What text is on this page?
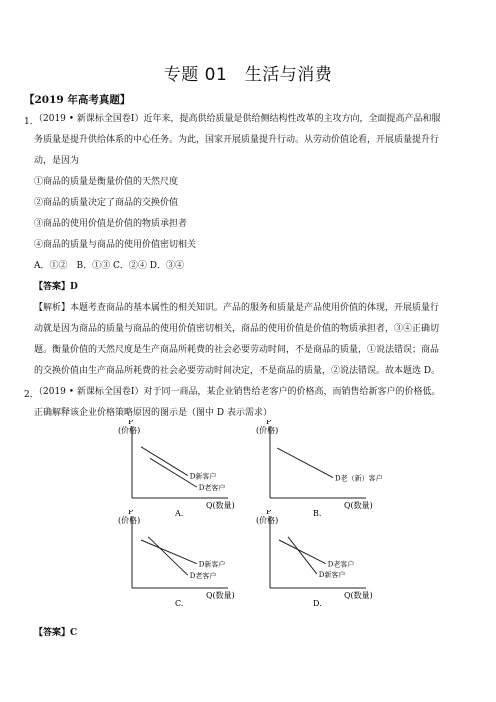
专题 01　生活与消费
【2019 年高考真题】
1．
（2019 • 新课标全国卷Ⅰ）近年来，提高供给质量是供给侧结构性改革的主攻方向，全面提高产品和服
务质量是提升供给体系的中心任务。为此，国家开展质量提升行动。从劳动价值论看，开展质量提升行
动，是因为
①商品的质量是衡量价值的天然尺度
②商品的质量决定了商品的交换价值
③商品的使用价值是价值的物质承担者
④商品的质量与商品的使用价值密切相关
A．①②　B．①③ C．②④ D．③④
【答案】D
【解析】本题考查商品的基本属性的相关知识。产品的服务和质量是产品使用价值的体现，开展质量行
动就是因为商品的质量与商品的使用价值密切相关，商品的使用价值是价值的物质承担者，③④正确切
题。衡量价值的天然尺度是生产商品所耗费的社会必要劳动时间，不是商品的质量，①说法错误；商品
的交换价值由生产商品所耗费的社会必要劳动时间决定，不是商品的质量，②说法错误。故本题选 D。
2．
（2019 • 新课标全国卷Ⅰ）对于同一商品，某企业销售给老客户的价格高，而销售给新客户的价格低。
正确解释该企业价格策略原因的图示是（图中 D 表示需求）
P
(价格)
Q(数量)
D新客户
D老客户
A.
P
(价格)
Q(数量)
D老（新）客户
B.
P
(价格)
Q(数量)
D新客户
D老客户
C.
P
(价格)
Q(数量)
D老客户
D新客户
D.
【答案】C
